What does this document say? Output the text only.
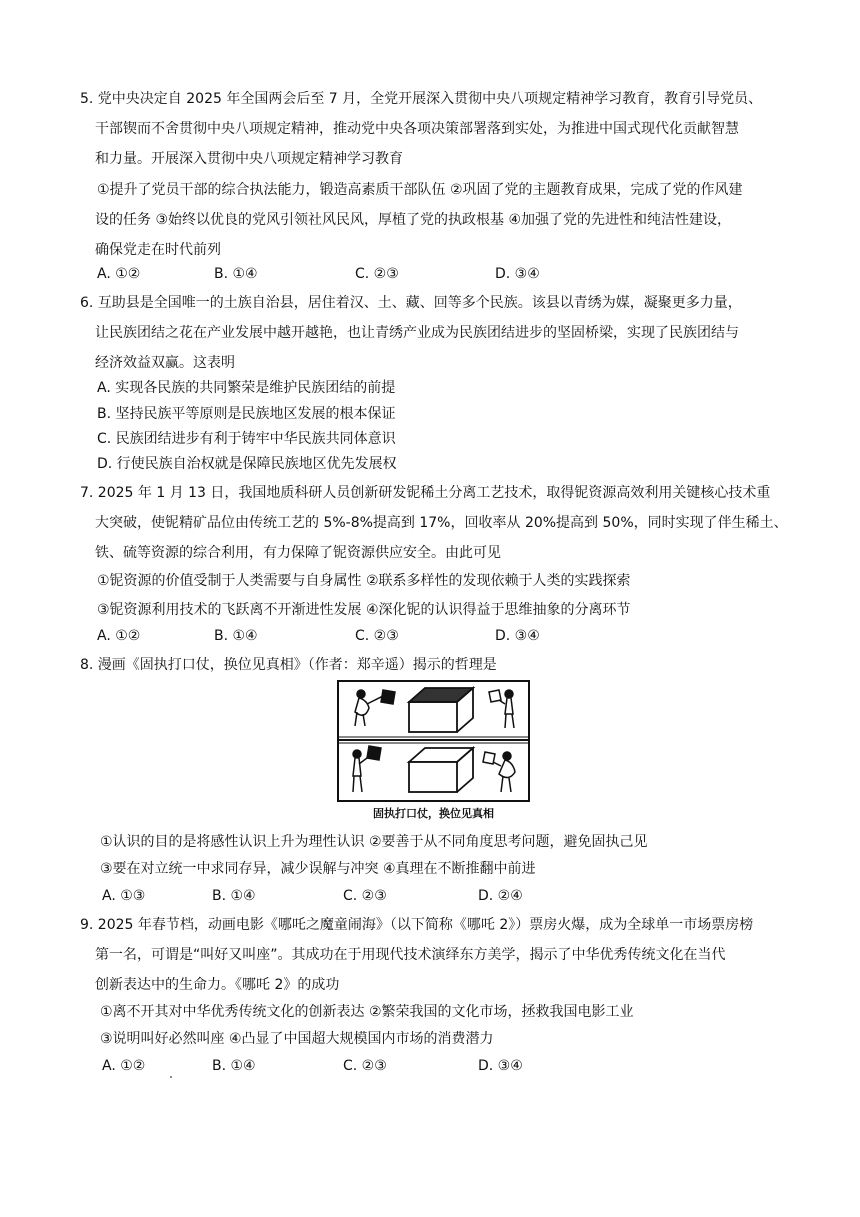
5. 党中央决定自 2025 年全国两会后至 7 月，全党开展深入贯彻中央八项规定精神学习教育，教育引导党员、
干部锲而不舍贯彻中央八项规定精神，推动党中央各项决策部署落到实处，为推进中国式现代化贡献智慧
和力量。开展深入贯彻中央八项规定精神学习教育
①提升了党员干部的综合执法能力，锻造高素质干部队伍 ②巩固了党的主题教育成果，完成了党的作风建
设的任务 ③始终以优良的党风引领社风民风，厚植了党的执政根基 ④加强了党的先进性和纯洁性建设，
确保党走在时代前列
A. ①②	B. ①④	C. ②③	D. ③④
6. 互助县是全国唯一的土族自治县，居住着汉、土、藏、回等多个民族。该县以青绣为媒，凝聚更多力量，
让民族团结之花在产业发展中越开越艳，也让青绣产业成为民族团结进步的坚固桥梁，实现了民族团结与
经济效益双赢。这表明
A. 实现各民族的共同繁荣是维护民族团结的前提
B. 坚持民族平等原则是民族地区发展的根本保证
C. 民族团结进步有利于铸牢中华民族共同体意识
D. 行使民族自治权就是保障民族地区优先发展权
7. 2025 年 1 月 13 日，我国地质科研人员创新研发铌稀土分离工艺技术，取得铌资源高效利用关键核心技术重
大突破，使铌精矿品位由传统工艺的 5%-8%提高到 17%，回收率从 20%提高到 50%，同时实现了伴生稀土、
铁、硫等资源的综合利用，有力保障了铌资源供应安全。由此可见
①铌资源的价值受制于人类需要与自身属性 ②联系多样性的发现依赖于人类的实践探索
③铌资源利用技术的飞跃离不开渐进性发展 ④深化铌的认识得益于思维抽象的分离环节
A. ①②	B. ①④	C. ②③	D. ③④
8. 漫画《固执打口仗，换位见真相》（作者：郑辛遥）揭示的哲理是
固执打口仗，换位见真相
①认识的目的是将感性认识上升为理性认识 ②要善于从不同角度思考问题，避免固执己见
③要在对立统一中求同存异，减少误解与冲突 ④真理在不断推翻中前进
A. ①③	B. ①④	C. ②③	D. ②④
9. 2025 年春节档，动画电影《哪吒之魔童闹海》（以下简称《哪吒 2》）票房火爆，成为全球单一市场票房榜
第一名，可谓是“叫好又叫座”。其成功在于用现代技术演绎东方美学，揭示了中华优秀传统文化在当代
创新表达中的生命力。《哪吒 2》的成功
①离不开其对中华优秀传统文化的创新表达 ②繁荣我国的文化市场，拯救我国电影工业
③说明叫好必然叫座 ④凸显了中国超大规模国内市场的消费潜力
A. ①②	B. ①④	C. ②③	D. ③④
